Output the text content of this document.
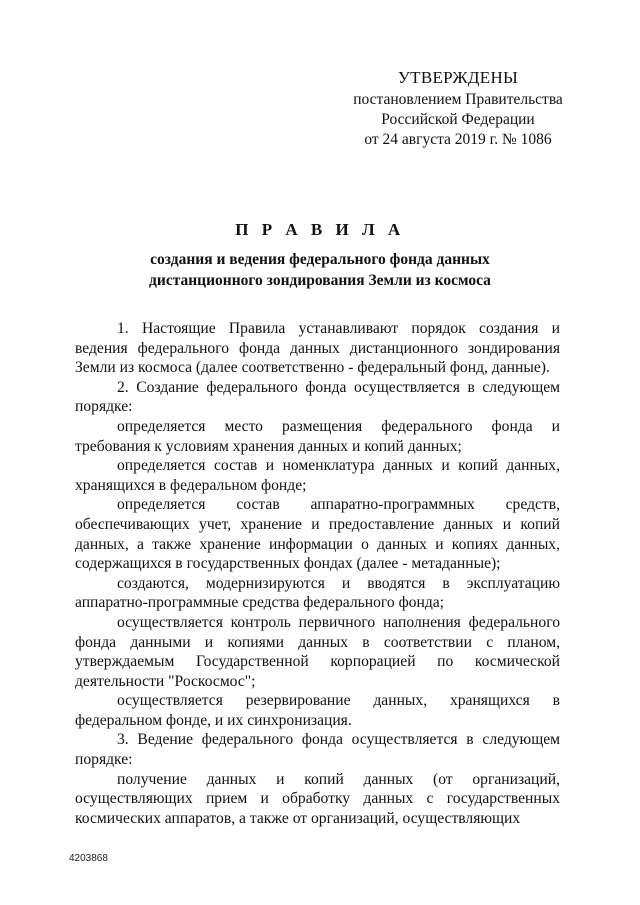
УТВЕРЖДЕНЫ
постановлением Правительства
Российской Федерации
от 24 августа 2019 г. № 1086
П Р А В И Л А
создания и ведения федерального фонда данных
дистанционного зондирования Земли из космоса

1. Настоящие Правила устанавливают порядок создания и ведения федерального фонда данных дистанционного зондирования Земли из космоса (далее соответственно - федеральный фонд, данные).

2. Создание федерального фонда осуществляется в следующем порядке:

определяется место размещения федерального фонда и требования к условиям хранения данных и копий данных;

определяется состав и номенклатура данных и копий данных, хранящихся в федеральном фонде;

определяется состав аппаратно-программных средств, обеспечивающих учет, хранение и предоставление данных и копий данных, а также хранение информации о данных и копиях данных, содержащихся в государственных фондах (далее - метаданные);

создаются, модернизируются и вводятся в эксплуатацию аппаратно-программные средства федерального фонда;

осуществляется контроль первичного наполнения федерального фонда данными и копиями данных в соответствии с планом, утверждаемым Государственной корпорацией по космической деятельности "Роскосмос";

осуществляется резервирование данных, хранящихся в федеральном фонде, и их синхронизация.

3. Ведение федерального фонда осуществляется в следующем порядке:

получение данных и копий данных (от организаций, осуществляющих прием и обработку данных с государственных космических аппаратов, а также от организаций, осуществляющих

4203868
